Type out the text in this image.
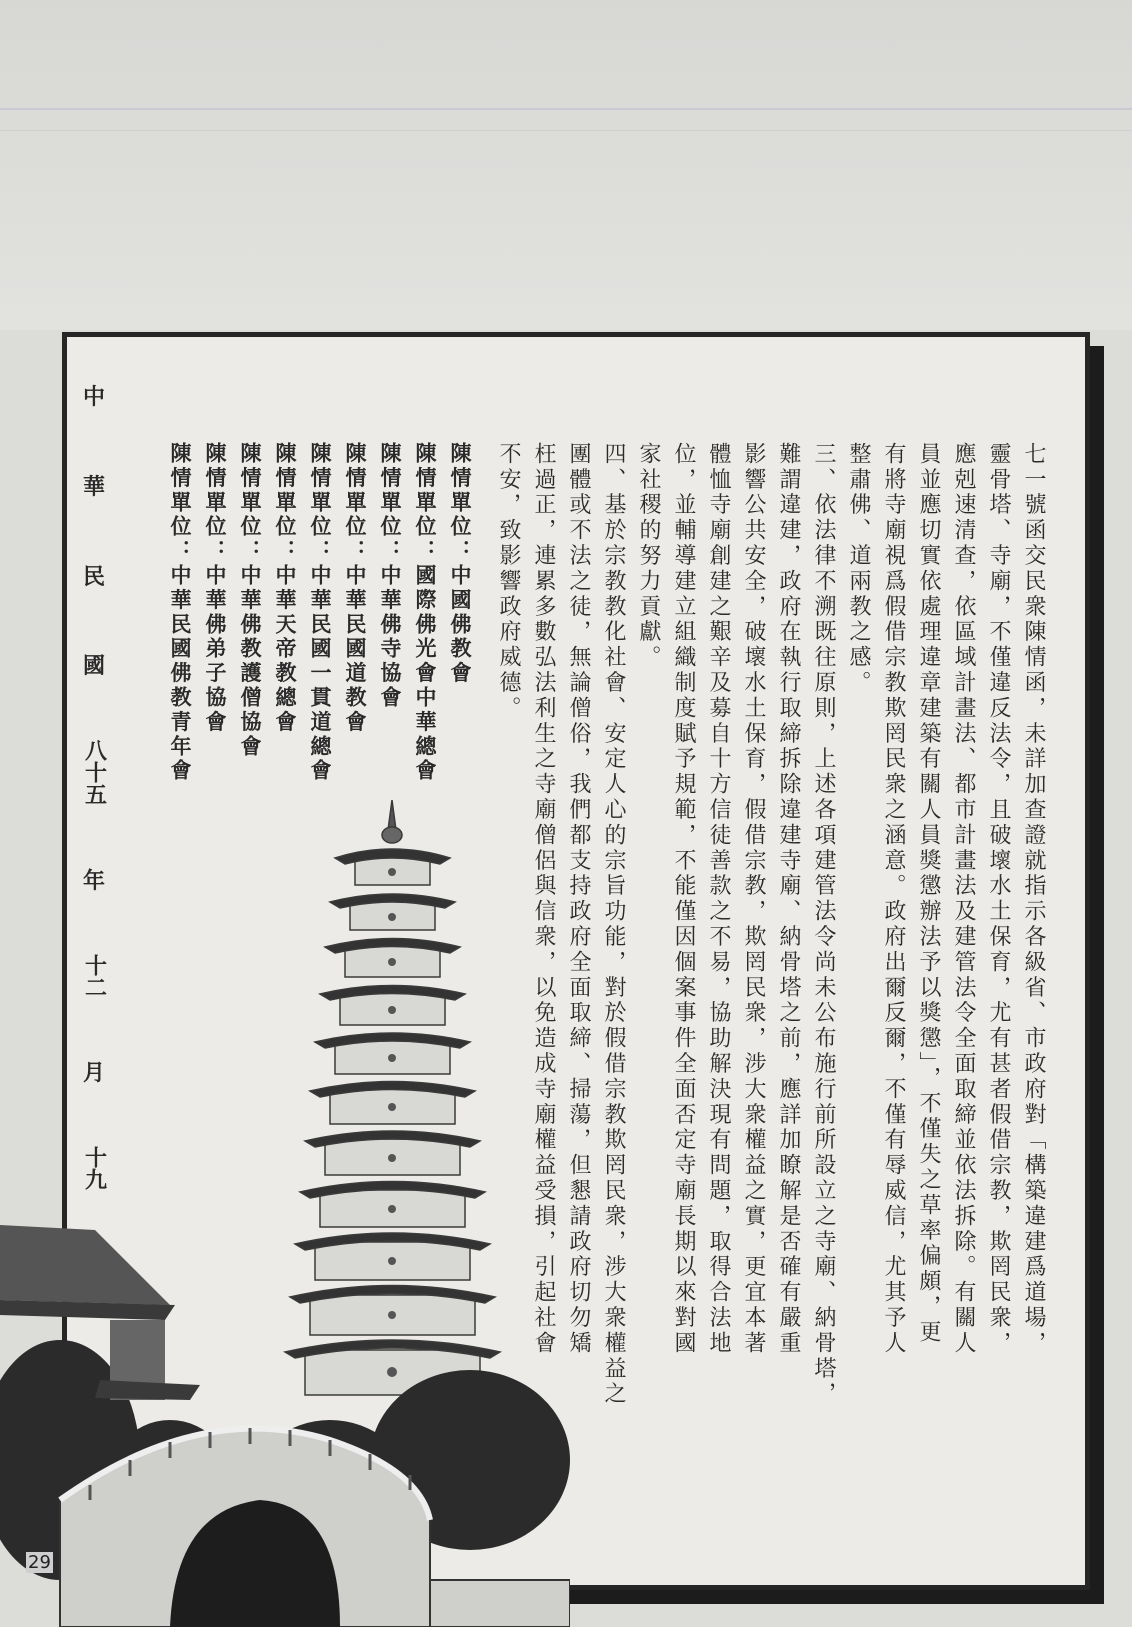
七一號函交民衆陳情函，未詳加查證就指示各級省、市政府對「構築違建爲道場，
靈骨塔、寺廟，不僅違反法令，且破壞水土保育，尤有甚者假借宗教，欺罔民衆，
應剋速清查，依區域計畫法、都市計畫法及建管法令全面取締並依法拆除。有關人
員並應切實依處理違章建築有關人員獎懲辦法予以獎懲」，不僅失之草率偏頗，更
有將寺廟視爲假借宗教欺罔民衆之涵意。政府出爾反爾，不僅有辱威信，尤其予人
整肅佛、道兩教之感。
三、依法律不溯既往原則，上述各項建管法令尚未公布施行前所設立之寺廟、納骨塔，
難謂違建，政府在執行取締拆除違建寺廟、納骨塔之前，應詳加瞭解是否確有嚴重
影響公共安全，破壞水土保育，假借宗教，欺罔民衆，涉大衆權益之實，更宜本著
體恤寺廟創建之艱辛及募自十方信徒善款之不易，協助解決現有問題，取得合法地
位，並輔導建立組織制度賦予規範，不能僅因個案事件全面否定寺廟長期以來對國
家社稷的努力貢獻。
四、基於宗教教化社會、安定人心的宗旨功能，對於假借宗教欺罔民衆，涉大衆權益之
團體或不法之徒，無論僧俗，我們都支持政府全面取締、掃蕩，但懇請政府切勿矯
枉過正，連累多數弘法利生之寺廟僧侶與信衆，以免造成寺廟權益受損，引起社會
不安，致影響政府威德。
陳情單位：中國佛教會
陳情單位：國際佛光會中華總會
陳情單位：中華佛寺協會
陳情單位：中華民國道教會
陳情單位：中華民國一貫道總會
陳情單位：中華天帝教總會
陳情單位：中華佛教護僧協會
陳情單位：中華佛弟子協會
陳情單位：中華民國佛教青年會
中
華
民
國
八十五
年
十二
月
十九
29
